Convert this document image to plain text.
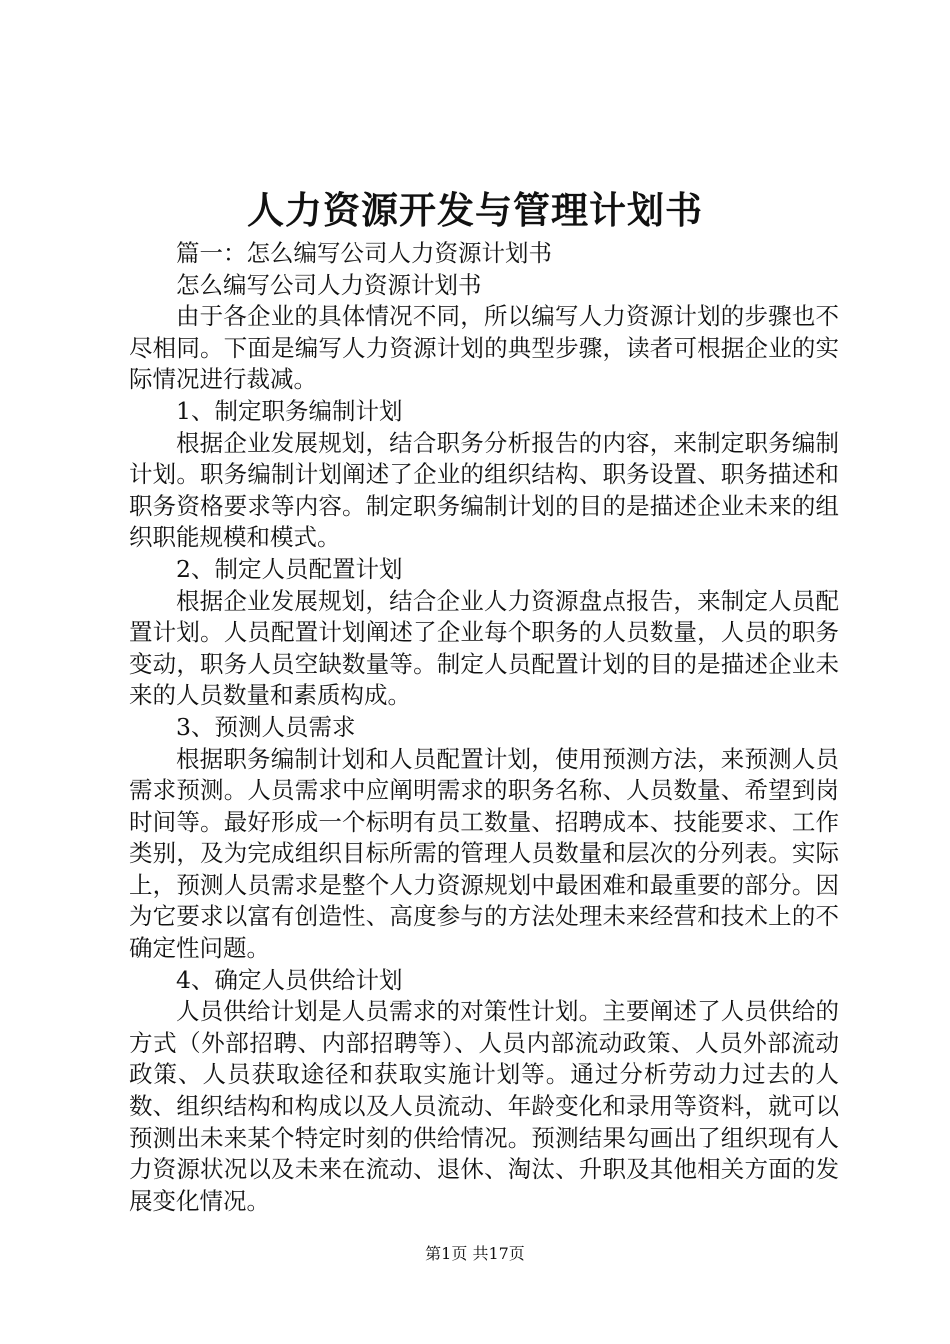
人力资源开发与管理计划书

篇一：怎么编写公司人力资源计划书

怎么编写公司人力资源计划书

由于各企业的具体情况不同，所以编写人力资源计划的步骤也不尽相同。下面是编写人力资源计划的典型步骤，读者可根据企业的实际情况进行裁减。

1、制定职务编制计划

根据企业发展规划，结合职务分析报告的内容，来制定职务编制计划。职务编制计划阐述了企业的组织结构、职务设置、职务描述和职务资格要求等内容。制定职务编制计划的目的是描述企业未来的组织职能规模和模式。

2、制定人员配置计划

根据企业发展规划，结合企业人力资源盘点报告，来制定人员配置计划。人员配置计划阐述了企业每个职务的人员数量，人员的职务变动，职务人员空缺数量等。制定人员配置计划的目的是描述企业未来的人员数量和素质构成。

3、预测人员需求

根据职务编制计划和人员配置计划，使用预测方法，来预测人员需求预测。人员需求中应阐明需求的职务名称、人员数量、希望到岗时间等。最好形成一个标明有员工数量、招聘成本、技能要求、工作类别，及为完成组织目标所需的管理人员数量和层次的分列表。实际上，预测人员需求是整个人力资源规划中最困难和最重要的部分。因为它要求以富有创造性、高度参与的方法处理未来经营和技术上的不确定性问题。

4、确定人员供给计划

人员供给计划是人员需求的对策性计划。主要阐述了人员供给的方式（外部招聘、内部招聘等）、人员内部流动政策、人员外部流动政策、人员获取途径和获取实施计划等。通过分析劳动力过去的人数、组织结构和构成以及人员流动、年龄变化和录用等资料，就可以预测出未来某个特定时刻的供给情况。预测结果勾画出了组织现有人力资源状况以及未来在流动、退休、淘汰、升职及其他相关方面的发展变化情况。

第1页 共17页
